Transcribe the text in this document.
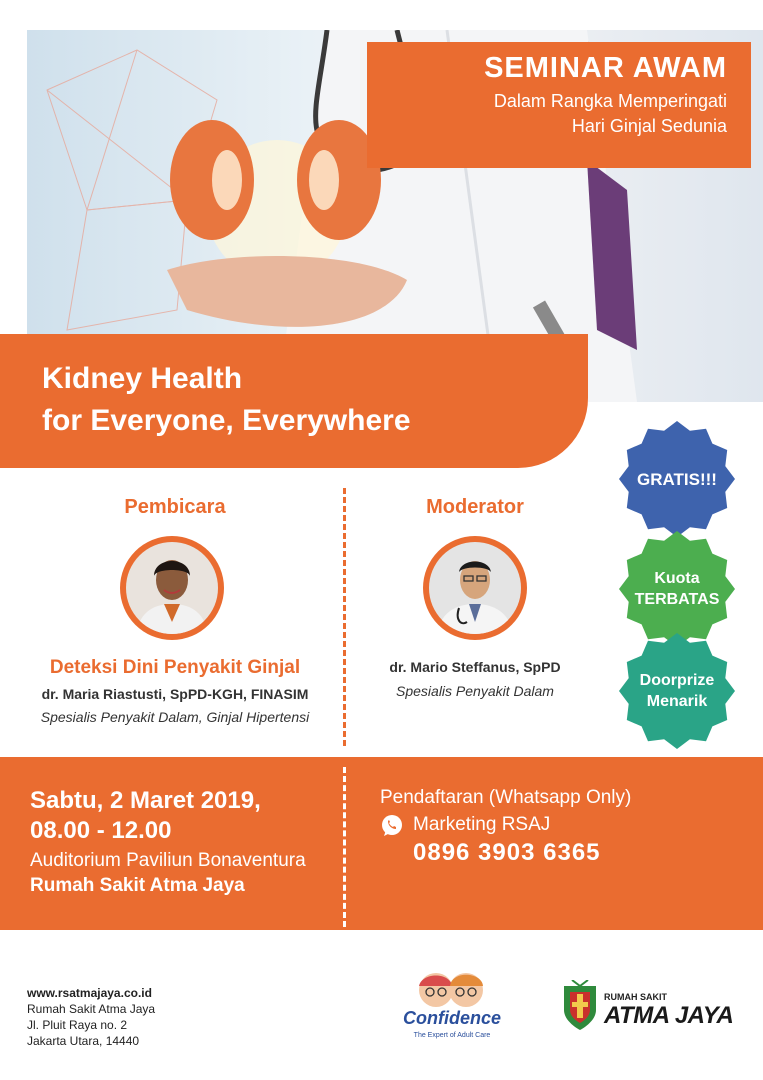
SEMINAR AWAM
Dalam Rangka Memperingati
Hari Ginjal Sedunia
Kidney Health
for Everyone, Everywhere
Pembicara
Deteksi Dini Penyakit Ginjal
dr. Maria Riastusti, SpPD-KGH, FINASIM
Spesialis Penyakit Dalam, Ginjal Hipertensi
Moderator
dr. Mario Steffanus, SpPD
Spesialis Penyakit Dalam
GRATIS!!!
Kuota
TERBATAS
Doorprize
Menarik
Sabtu, 2 Maret 2019,
08.00 - 12.00
Auditorium Paviliun Bonaventura
Rumah Sakit Atma Jaya
Pendaftaran (Whatsapp Only)
Marketing RSAJ
0896 3903 6365
www.rsatmajaya.co.id
Rumah Sakit Atma Jaya
Jl. Pluit Raya no. 2
Jakarta Utara, 14440
Confidence
The Expert of Adult Care
RUMAH SAKIT
ATMA JAYA
